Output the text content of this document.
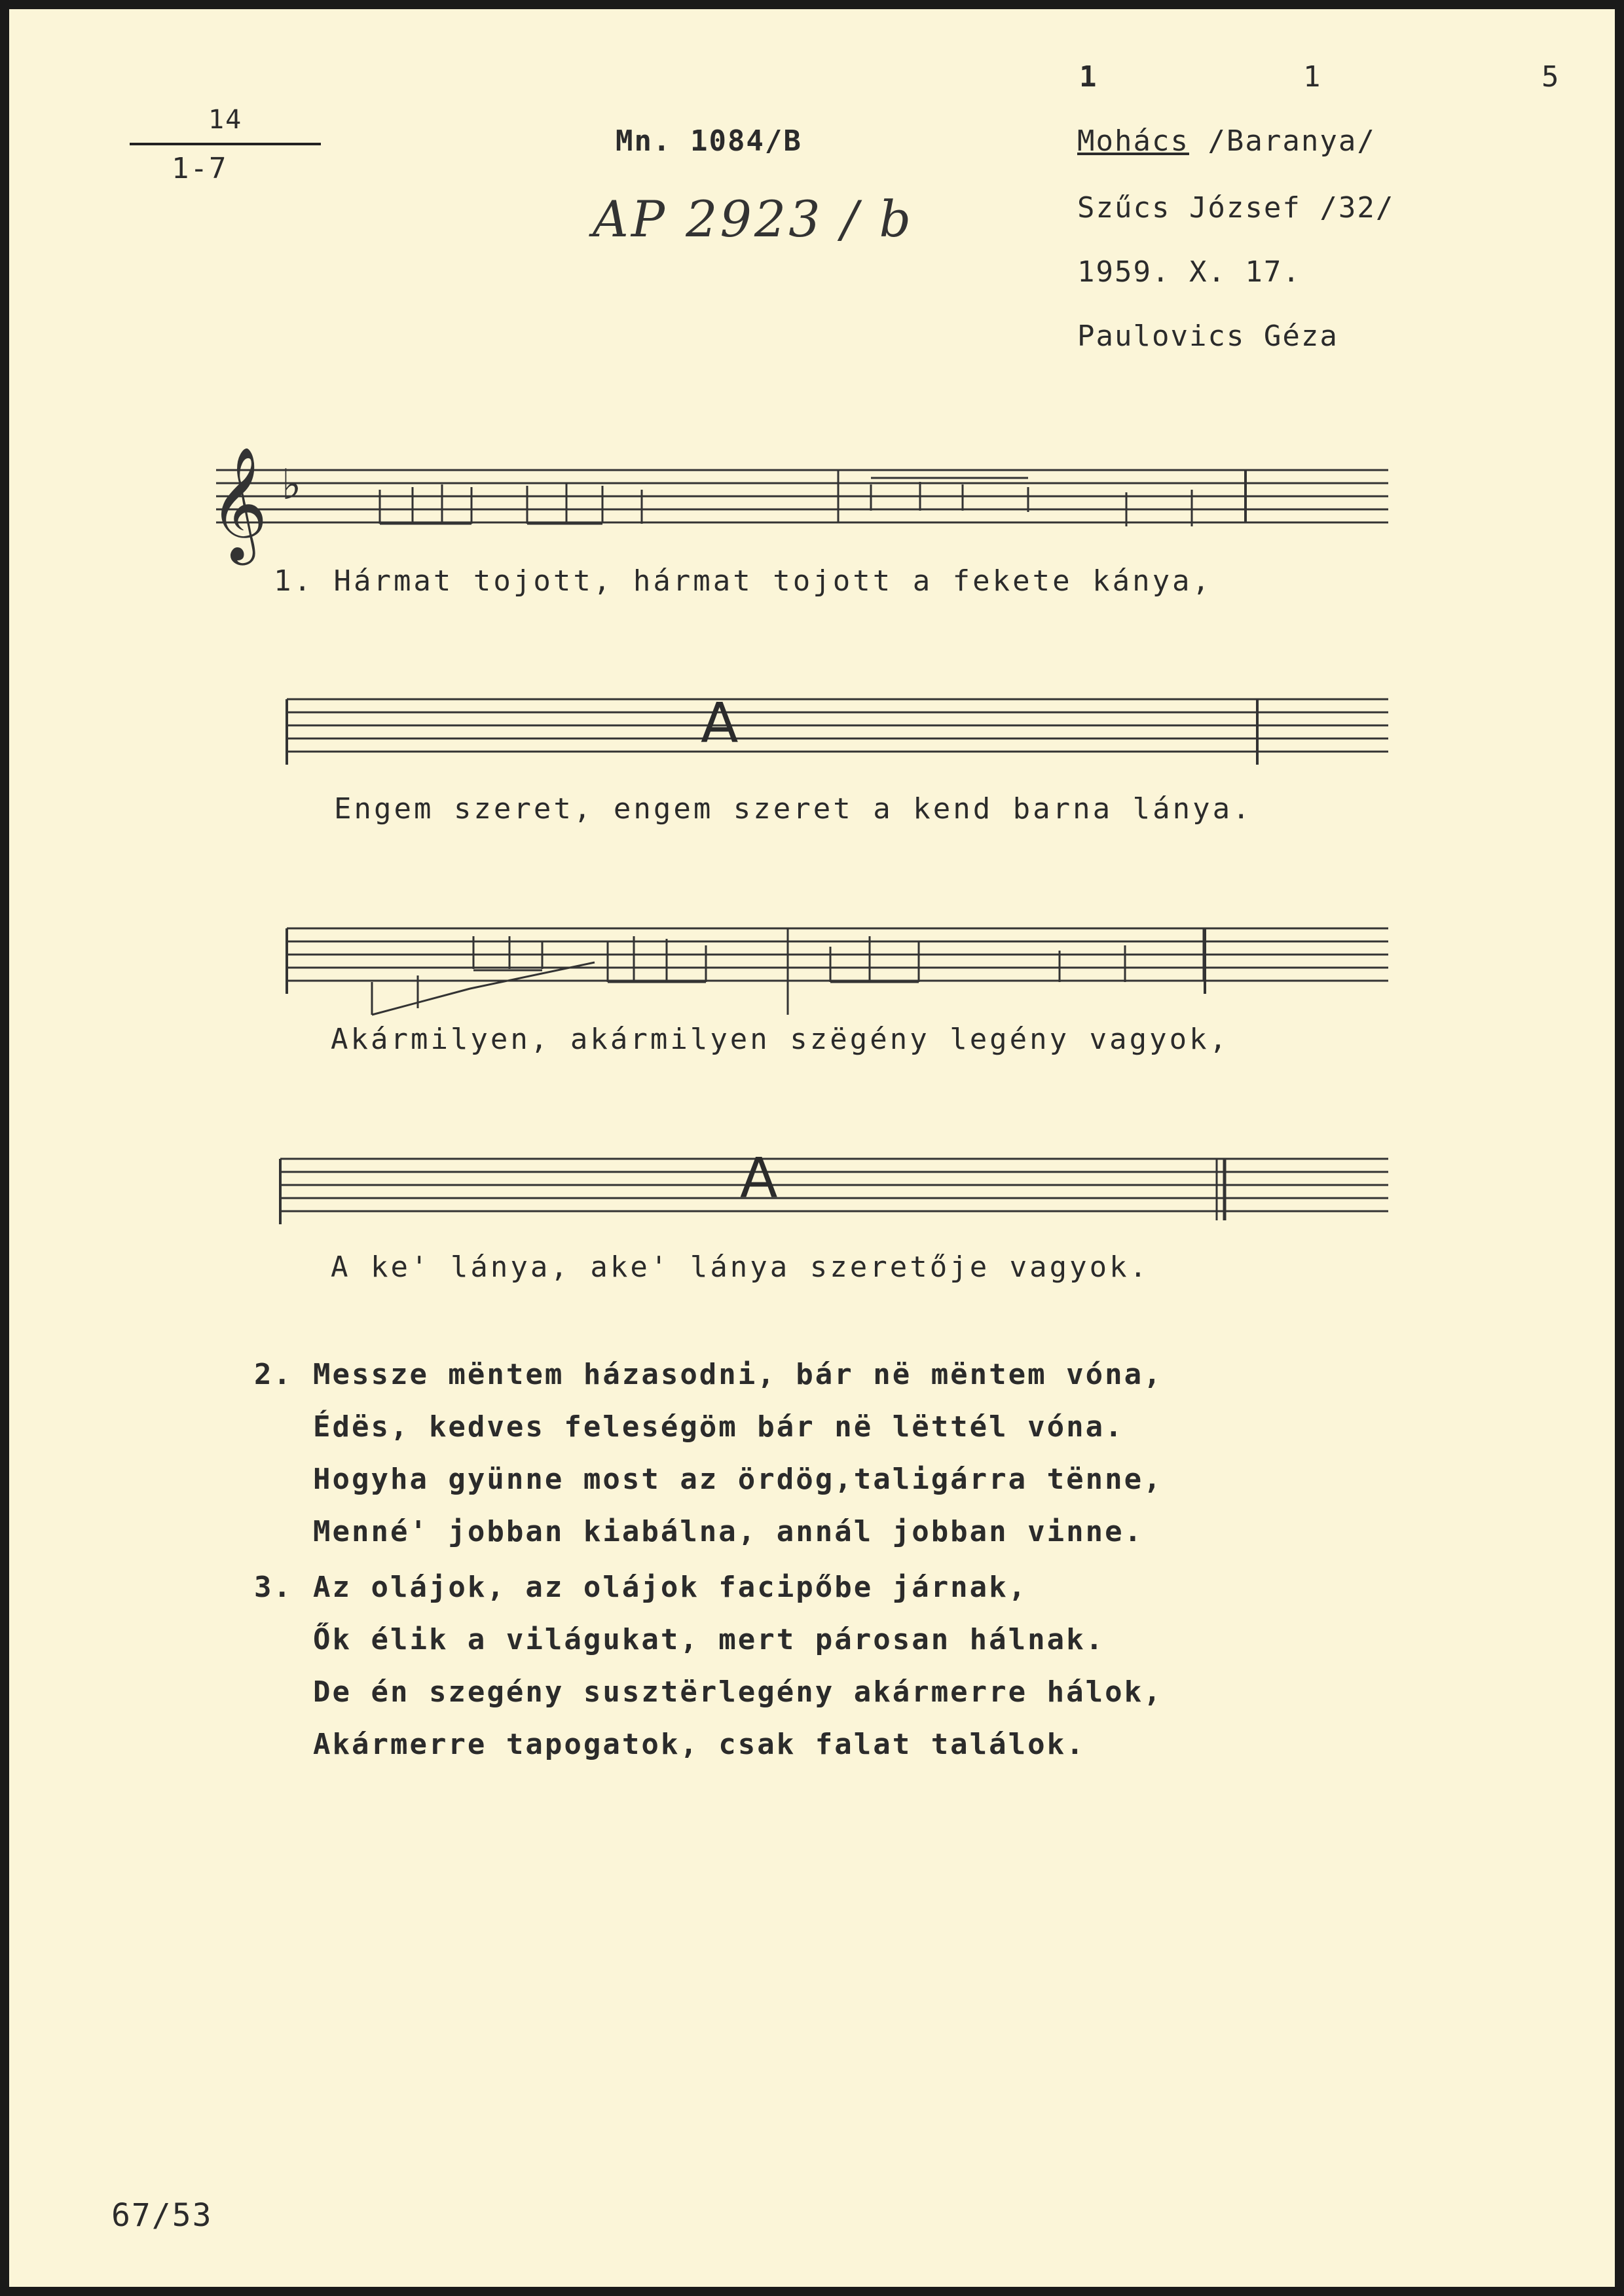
14
1-7
Mn. 1084/B
AP 2923 / b
1	1	5
Mohács /Baranya/
Szűcs József /32/
1959. X. 17.
Paulovics Géza
𝄞 ♭
1. Hármat tojott, hármat tojott a fekete kánya,
A
Engem szeret, engem szeret a kend barna lánya.
Akármilyen, akármilyen szëgény legény vagyok,
A
A ke' lánya, ake' lánya szeretője vagyok.
2. Messze mëntem házasodni, bár në mëntem vóna,
Édës, kedves feleségöm bár në lëttél vóna.
Hogyha gyünne most az ördög,taligárra tënne,
Menné' jobban kiabálna, annál jobban vinne.
3. Az olájok, az olájok facipőbe járnak,
Ők élik a világukat, mert párosan hálnak.
De én szegény susztërlegény akármerre hálok,
Akármerre tapogatok, csak falat találok.
67/53
